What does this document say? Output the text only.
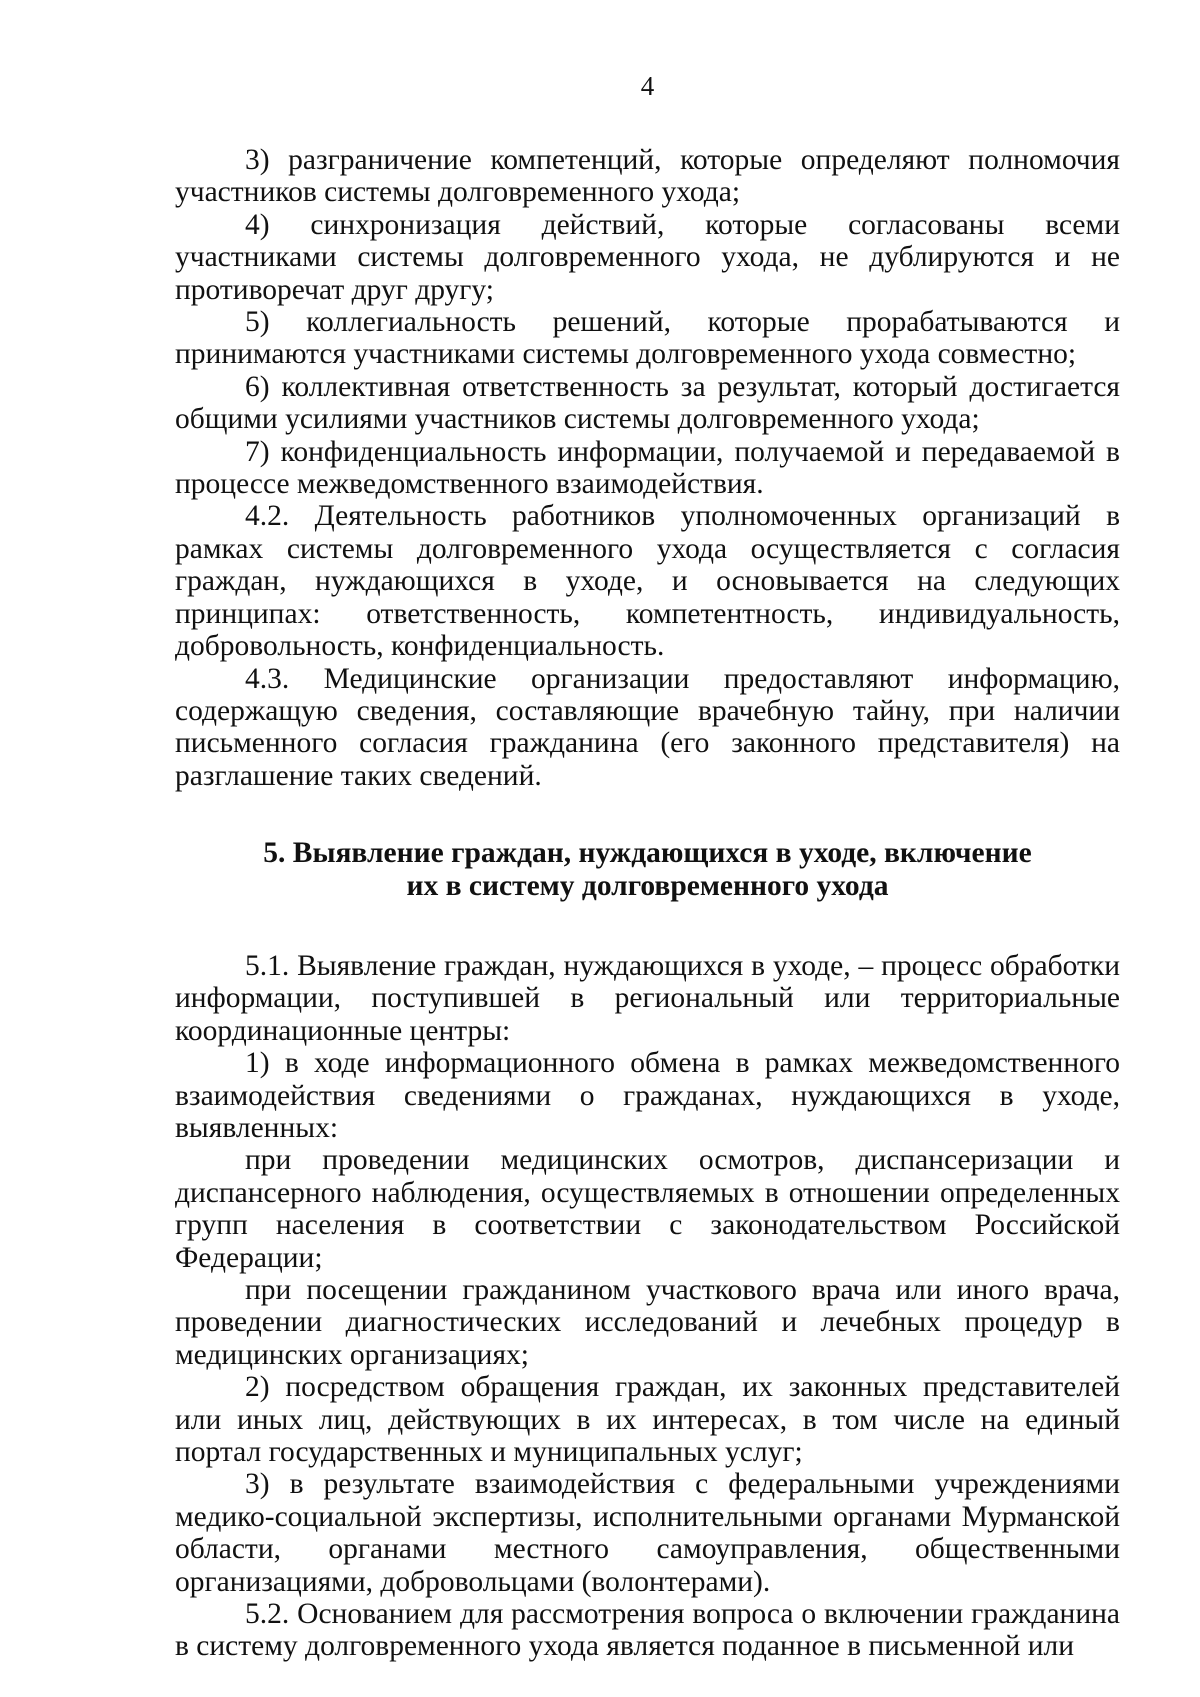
4

3) разграничение компетенций, которые определяют полномочия участников системы долговременного ухода;

4) синхронизация действий, которые согласованы всеми участниками системы долговременного ухода, не дублируются и не противоречат друг другу;

5) коллегиальность решений, которые прорабатываются и принимаются участниками системы долговременного ухода совместно;

6) коллективная ответственность за результат, который достигается общими усилиями участников системы долговременного ухода;

7) конфиденциальность информации, получаемой и передаваемой в процессе межведомственного взаимодействия.

4.2. Деятельность работников уполномоченных организаций в рамках системы долговременного ухода осуществляется с согласия граждан, нуждающихся в уходе, и основывается на следующих принципах: ответственность, компетентность, индивидуальность, добровольность, конфиденциальность.

4.3. Медицинские организации предоставляют информацию, содержащую сведения, составляющие врачебную тайну, при наличии письменного согласия гражданина (его законного представителя) на разглашение таких сведений.

5. Выявление граждан, нуждающихся в уходе, включение
их в систему долговременного ухода

5.1. Выявление граждан, нуждающихся в уходе, – процесс обработки информации, поступившей в региональный или территориальные координационные центры:

1) в ходе информационного обмена в рамках межведомственного взаимодействия сведениями о гражданах, нуждающихся в уходе, выявленных:

при проведении медицинских осмотров, диспансеризации и диспансерного наблюдения, осуществляемых в отношении определенных групп населения в соответствии с законодательством Российской Федерации;

при посещении гражданином участкового врача или иного врача, проведении диагностических исследований и лечебных процедур в медицинских организациях;

2) посредством обращения граждан, их законных представителей или иных лиц, действующих в их интересах, в том числе на единый портал государственных и муниципальных услуг;

3) в результате взаимодействия с федеральными учреждениями медико-социальной экспертизы, исполнительными органами Мурманской области, органами местного самоуправления, общественными организациями, добровольцами (волонтерами).

5.2. Основанием для рассмотрения вопроса о включении гражданина в систему долговременного ухода является поданное в письменной или
